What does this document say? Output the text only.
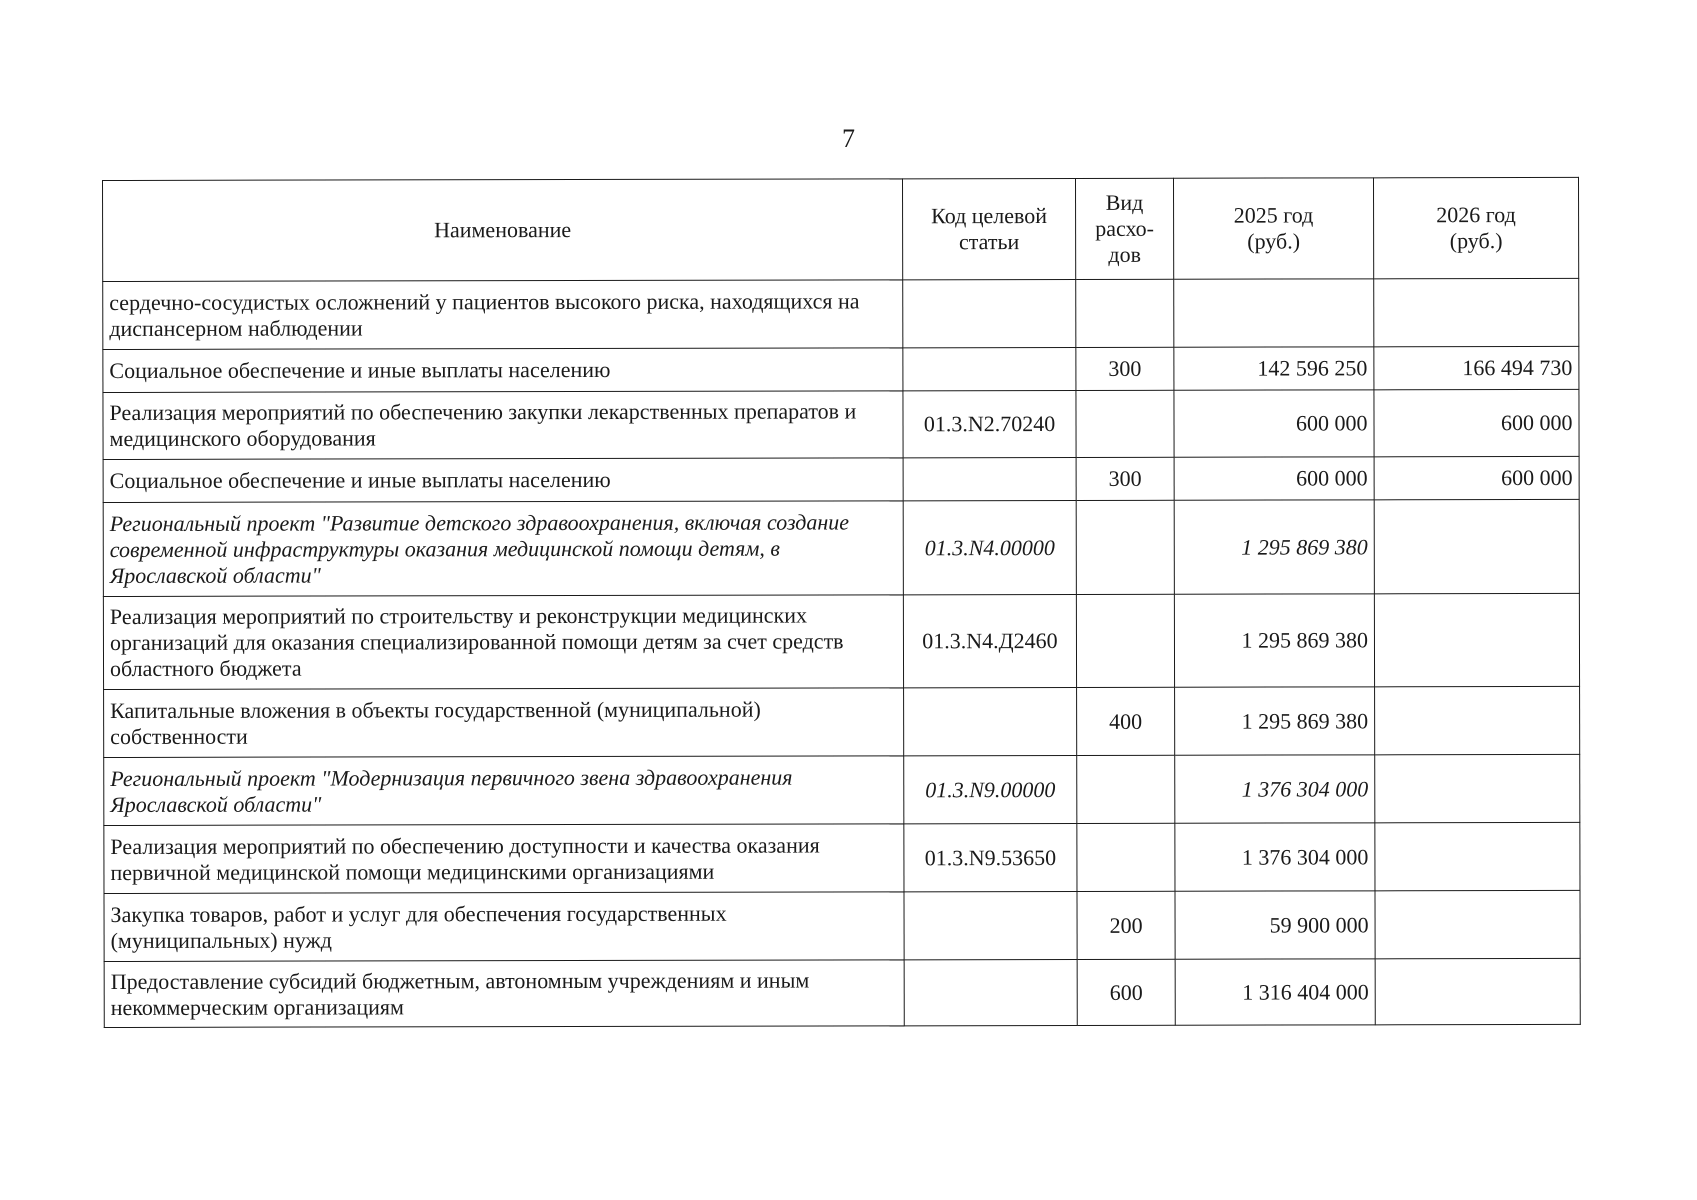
7
Наименование	Код целевой статьи	Вид расхо-дов	2025 год (руб.)	2026 год (руб.)

сердечно-сосудистых осложнений у пациентов высокого риска, находящихся на диспансерном наблюдении				
Социальное обеспечение и иные выплаты населению		300	142 596 250	166 494 730
Реализация мероприятий по обеспечению закупки лекарственных препаратов и медицинского оборудования	01.3.N2.70240		600 000	600 000
Социальное обеспечение и иные выплаты населению		300	600 000	600 000
Региональный проект "Развитие детского здравоохранения, включая создание современной инфраструктуры оказания медицинской помощи детям, в Ярославской области"	01.3.N4.00000		1 295 869 380	
Реализация мероприятий по строительству и реконструкции медицинских организаций для оказания специализированной помощи детям за счет средств областного бюджета	01.3.N4.Д2460		1 295 869 380	
Капитальные вложения в объекты государственной (муниципальной) собственности		400	1 295 869 380	
Региональный проект "Модернизация первичного звена здравоохранения Ярославской области"	01.3.N9.00000		1 376 304 000	
Реализация мероприятий по обеспечению доступности и качества оказания первичной медицинской помощи медицинскими организациями	01.3.N9.53650		1 376 304 000	
Закупка товаров, работ и услуг для обеспечения государственных (муниципальных) нужд		200	59 900 000	
Предоставление субсидий бюджетным, автономным учреждениям и иным некоммерческим организациям		600	1 316 404 000	
